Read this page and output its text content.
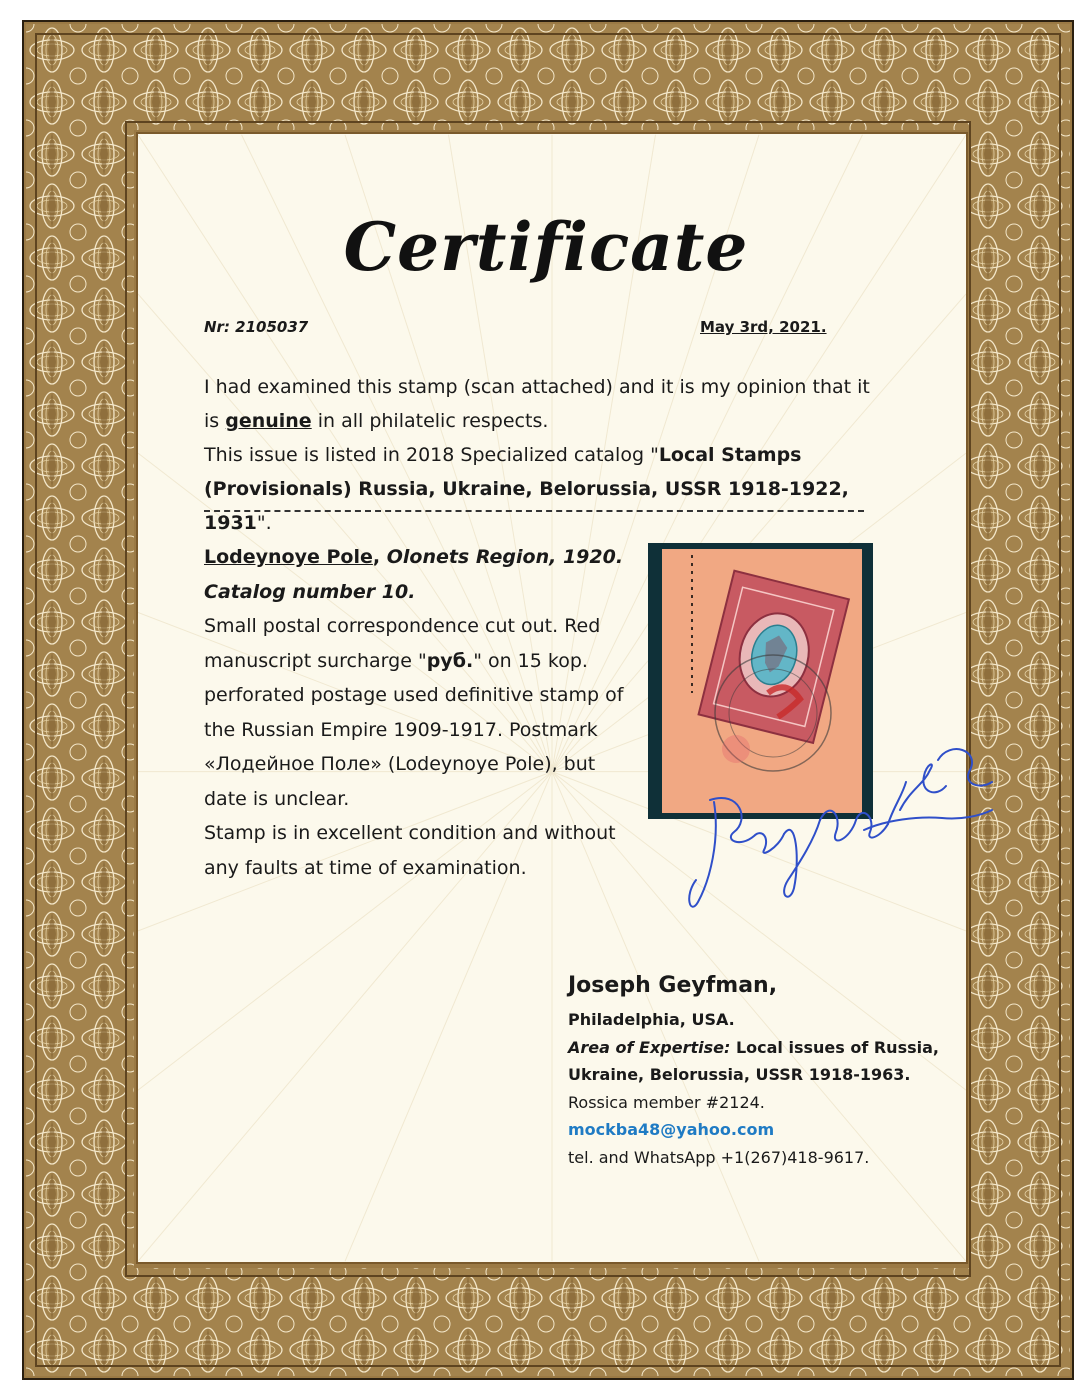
Certificate
Nr: 2105037	May 3rd, 2021.
I had examined this stamp (scan attached) and it is my opinion that it
is genuine in all philatelic respects.
This issue is listed in 2018 Specialized catalog "Local Stamps (Provisionals) Russia, Ukraine, Belorussia, USSR 1918-1922, 1931".
Lodeynoye Pole, Olonets Region, 1920.
Catalog number 10.
Small postal correspondence cut out. Red manuscript surcharge "руб." on 15 kop. perforated postage used definitive stamp of the Russian Empire 1909-1917. Postmark «Лодейное Поле» (Lodeynoye Pole), but date is unclear.
Stamp is in excellent condition and without any faults at time of examination.
Joseph Geyfman,
Philadelphia, USA.
Area of Expertise: Local issues of Russia, Ukraine, Belorussia, USSR 1918-1963.
Rossica member #2124.
mockba48@yahoo.com
tel. and WhatsApp +1(267)418-9617.
